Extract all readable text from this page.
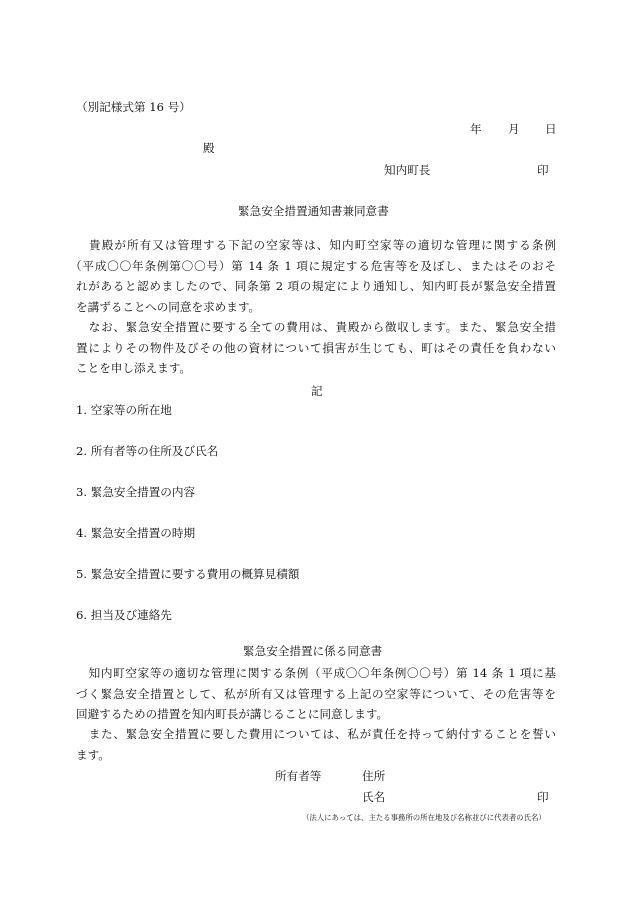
（別記様式第 16 号）
年 月 日
殿
知内町長	印
緊急安全措置通知書兼同意書
貴殿が所有又は管理する下記の空家等は、知内町空家等の適切な管理に関する条例
（平成〇〇年条例第〇〇号）第 14 条 1 項に規定する危害等を及ぼし、またはそのおそ
れがあると認めましたので、同条第 2 項の規定により通知し、知内町長が緊急安全措置
を講ずることへの同意を求めます。
なお、緊急安全措置に要する全ての費用は、貴殿から徴収します。また、緊急安全措
置によりその物件及びその他の資材について損害が生じても、町はその責任を負わない
ことを申し添えます。
記
1. 空家等の所在地
2. 所有者等の住所及び氏名
3. 緊急安全措置の内容
4. 緊急安全措置の時期
5. 緊急安全措置に要する費用の概算見積額
6. 担当及び連絡先
緊急安全措置に係る同意書
知内町空家等の適切な管理に関する条例（平成〇〇年条例〇〇号）第 14 条 1 項に基
づく緊急安全措置として、私が所有又は管理する上記の空家等について、その危害等を
回避するための措置を知内町長が講じることに同意します。
また、緊急安全措置に要した費用については、私が責任を持って納付することを誓い
ます。
所有者等	住所
氏名	印
（法人にあっては、主たる事務所の所在地及び名称並びに代表者の氏名）
